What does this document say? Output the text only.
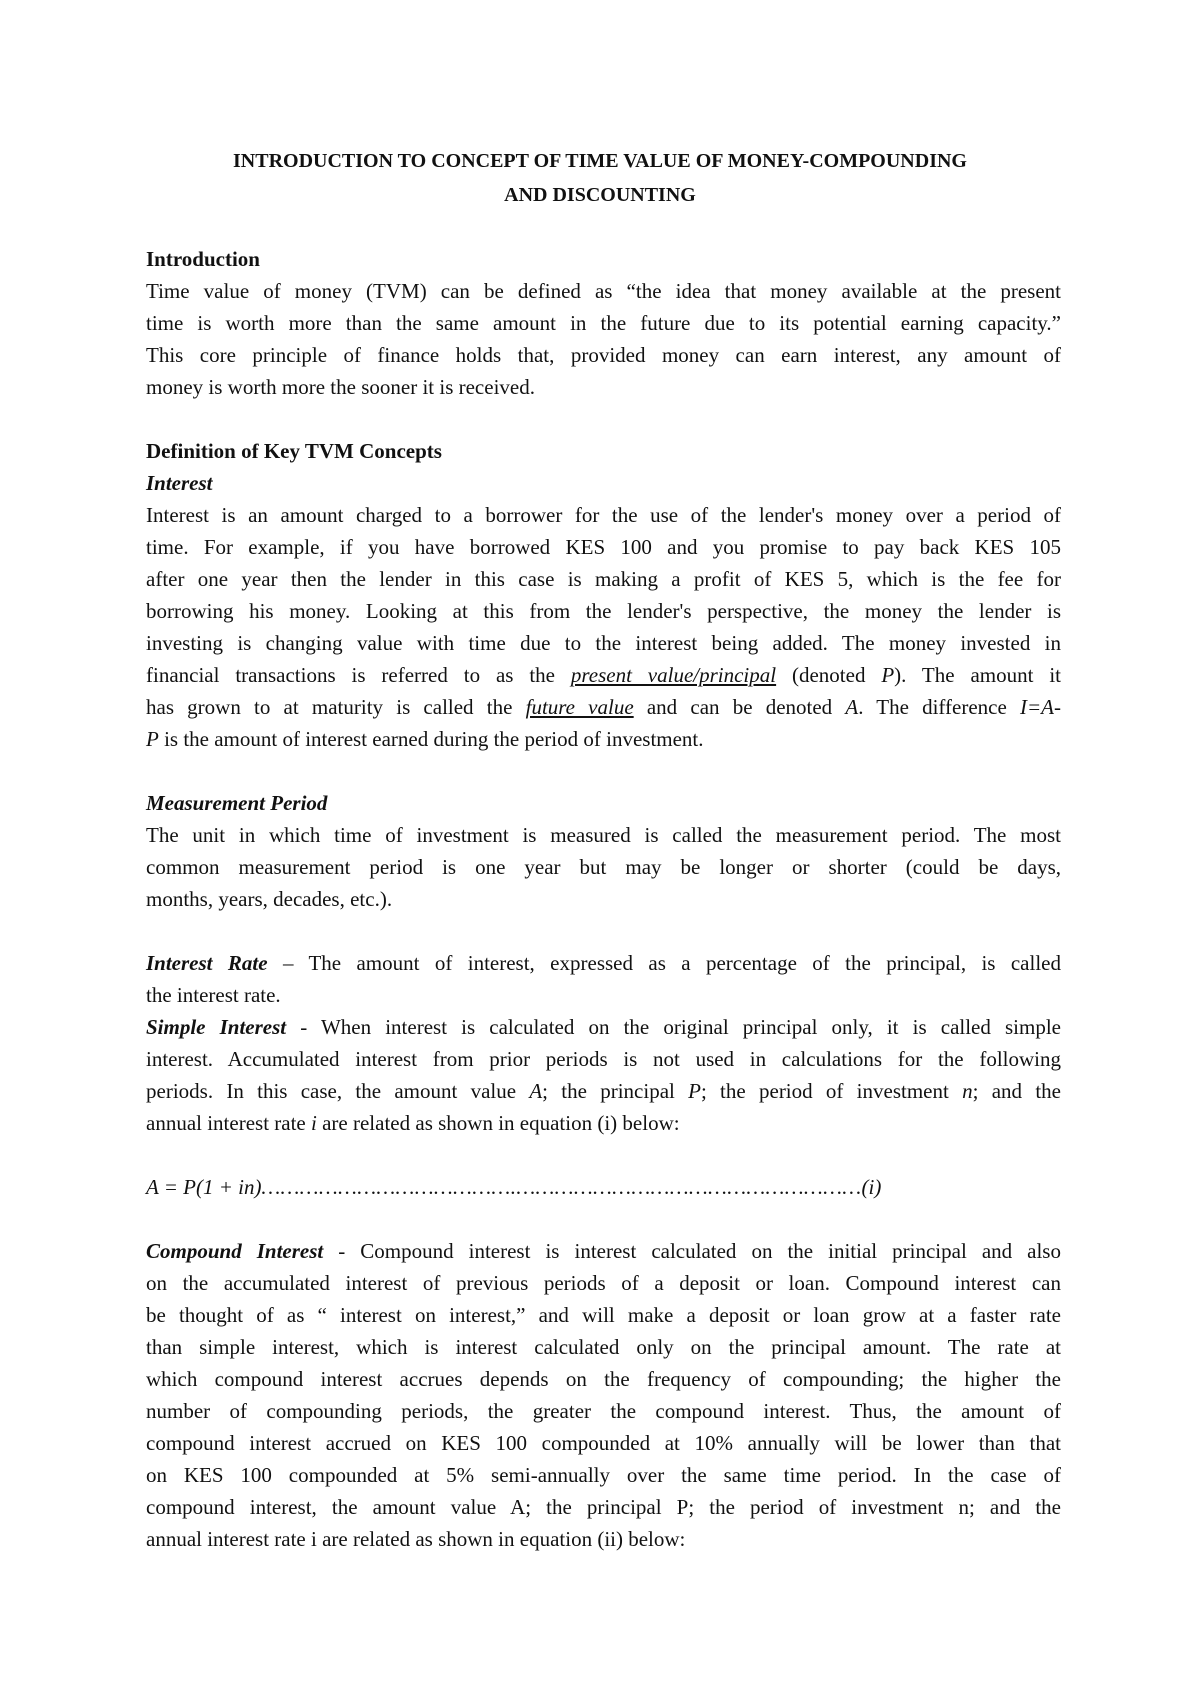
INTRODUCTION TO CONCEPT OF TIME VALUE OF MONEY-COMPOUNDING
AND DISCOUNTING
Introduction
Time value of money (TVM) can be defined as “the idea that money available at the present
time is worth more than the same amount in the future due to its potential earning capacity.”
This core principle of finance holds that, provided money can earn interest, any amount of
money is worth more the sooner it is received.
Definition of Key TVM Concepts
Interest
Interest is an amount charged to a borrower for the use of the lender's money over a period of
time. For example, if you have borrowed KES 100 and you promise to pay back KES 105
after one year then the lender in this case is making a profit of KES 5, which is the fee for
borrowing his money. Looking at this from the lender's perspective, the money the lender is
investing is changing value with time due to the interest being added. The money invested in
financial transactions is referred to as the present value/principal (denoted P). The amount it
has grown to at maturity is called the future value and can be denoted A. The difference I=A-
P is the amount of interest earned during the period of investment.
Measurement Period
The unit in which time of investment is measured is called the measurement period. The most
common measurement period is one year but may be longer or shorter (could be days,
months, years, decades, etc.).
Interest Rate – The amount of interest, expressed as a percentage of the principal, is called
the interest rate.
Simple Interest - When interest is calculated on the original principal only, it is called simple
interest. Accumulated interest from prior periods is not used in calculations for the following
periods. In this case, the amount value A; the principal P; the period of investment n; and the
annual interest rate i are related as shown in equation (i) below:
A = P(1 + in)………………………………….………………………………………………(i)
Compound Interest - Compound interest is interest calculated on the initial principal and also
on the accumulated interest of previous periods of a deposit or loan. Compound interest can
be thought of as “ interest on interest,” and will make a deposit or loan grow at a faster rate
than simple interest, which is interest calculated only on the principal amount. The rate at
which compound interest accrues depends on the frequency of compounding; the higher the
number of compounding periods, the greater the compound interest. Thus, the amount of
compound interest accrued on KES 100 compounded at 10% annually will be lower than that
on KES 100 compounded at 5% semi-annually over the same time period. In the case of
compound interest, the amount value A; the principal P; the period of investment n; and the
annual interest rate i are related as shown in equation (ii) below:
